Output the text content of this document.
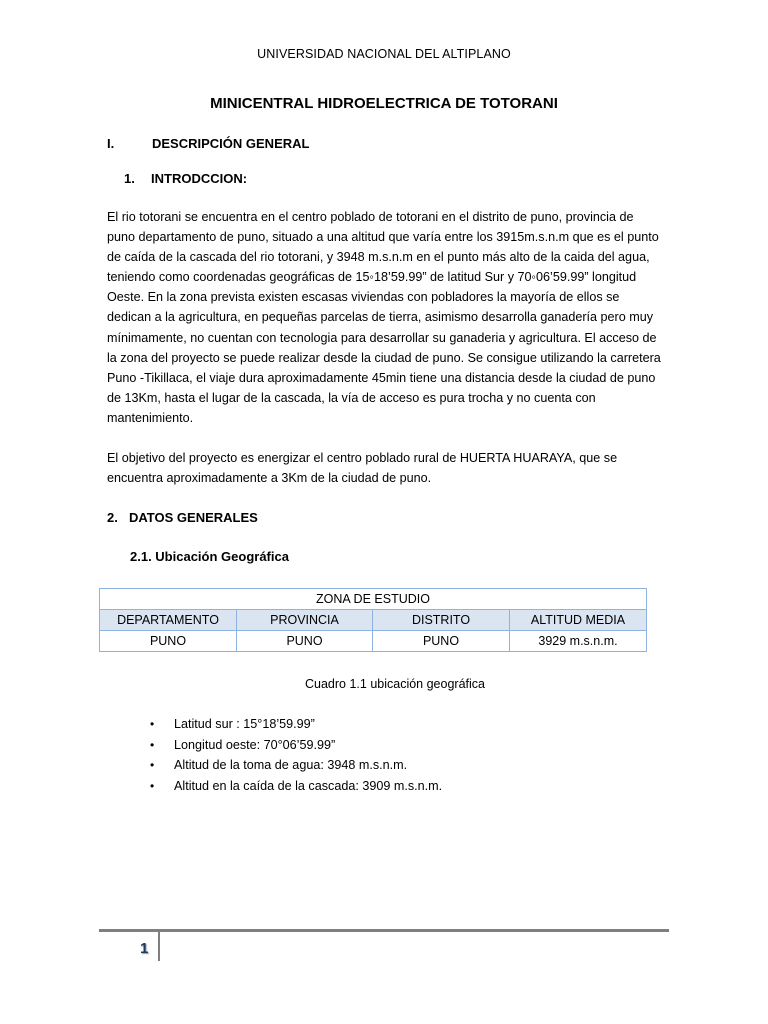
UNIVERSIDAD NACIONAL DEL ALTIPLANO
MINICENTRAL HIDROELECTRICA DE TOTORANI
I.	DESCRIPCIÓN GENERAL
1. INTRODCCION:
El rio totorani se encuentra en el centro poblado de totorani en el distrito de puno, provincia de puno departamento de puno, situado a una altitud que varía entre los 3915m.s.n.m que es el punto de caída de la cascada del rio totorani, y 3948 m.s.n.m en el punto más alto de la caida del agua, teniendo como coordenadas geográficas de 15◦18’59.99” de latitud Sur y 70◦06’59.99” longitud Oeste. En la zona prevista existen escasas viviendas con pobladores la mayoría de ellos se dedican a la agricultura, en pequeñas parcelas de tierra, asimismo desarrolla ganadería pero muy mínimamente, no cuentan con tecnologia para desarrollar su ganaderia y agricultura. El acceso de la zona del proyecto se puede realizar desde la ciudad de puno. Se consigue utilizando la carretera Puno -Tikillaca, el viaje dura aproximadamente 45min tiene una distancia desde la ciudad de puno de 13Km, hasta el lugar de la cascada, la vía de acceso es pura trocha y no cuenta con mantenimiento.
El objetivo del proyecto es energizar el centro poblado rural de HUERTA HUARAYA, que se encuentra aproximadamente a 3Km de la ciudad de puno.
2. DATOS GENERALES
2.1. Ubicación Geográfica
ZONA DE ESTUDIO			
DEPARTAMENTO	PROVINCIA	DISTRITO	ALTITUD MEDIA
PUNO	PUNO	PUNO	3929 m.s.n.m.
Cuadro 1.1 ubicación geográfica
• Latitud sur : 15°18’59.99”
• Longitud oeste: 70°06’59.99”
• Altitud de la toma de agua: 3948 m.s.n.m.
• Altitud en la caída de la cascada: 3909 m.s.n.m.
1
